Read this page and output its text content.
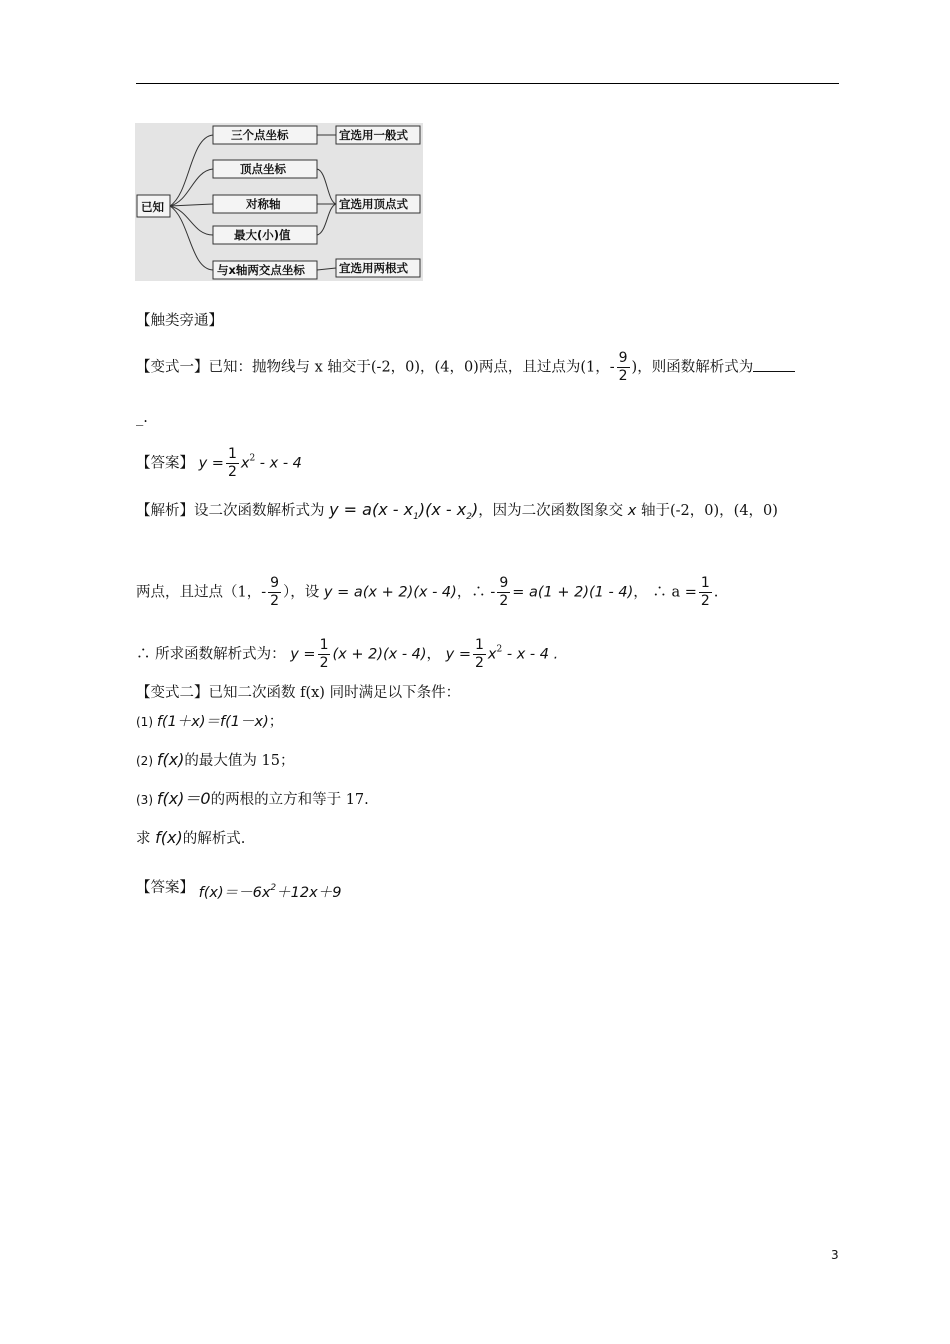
已知
三个点坐标
顶点坐标
对称轴
最大(小)值
与x轴两交点坐标
宜选用一般式
宜选用顶点式
宜选用两根式
【触类旁通】
【变式一】已知：抛物线与 x 轴交于(-2，0)，(4，0)两点，且过点为(1，- $\frac{9}{2}$ )，则函数解析式为
_.
【答案】 $y = \frac{1}{2} x^2 - x - 4$
【解析】设二次函数解析式为 $y = a(x - x_1)(x - x_2)$，因为二次函数图象交 x 轴于(-2，0)，(4，0)
两点，且过点（1，- $\frac{9}{2}$ ），设 y = a(x + 2)(x - 4)，∴ - $\frac{9}{2} = a(1 + 2)(1 - 4)$， ∴ $a = \frac{1}{2}$ .
∴ 所求函数解析式为： $y = \frac{1}{2} (x + 2)(x - 4)$， $y = \frac{1}{2} x^2 - x - 4$ .
【变式二】已知二次函数 f(x) 同时满足以下条件：
(1) f(1＋x)＝f(1－x)；
(2) f(x)的最大值为 15；
(3) f(x)＝0的两根的立方和等于 17.
求 f(x)的解析式.
【答案】 $f(x)=-6x^2+12x+9$
3
